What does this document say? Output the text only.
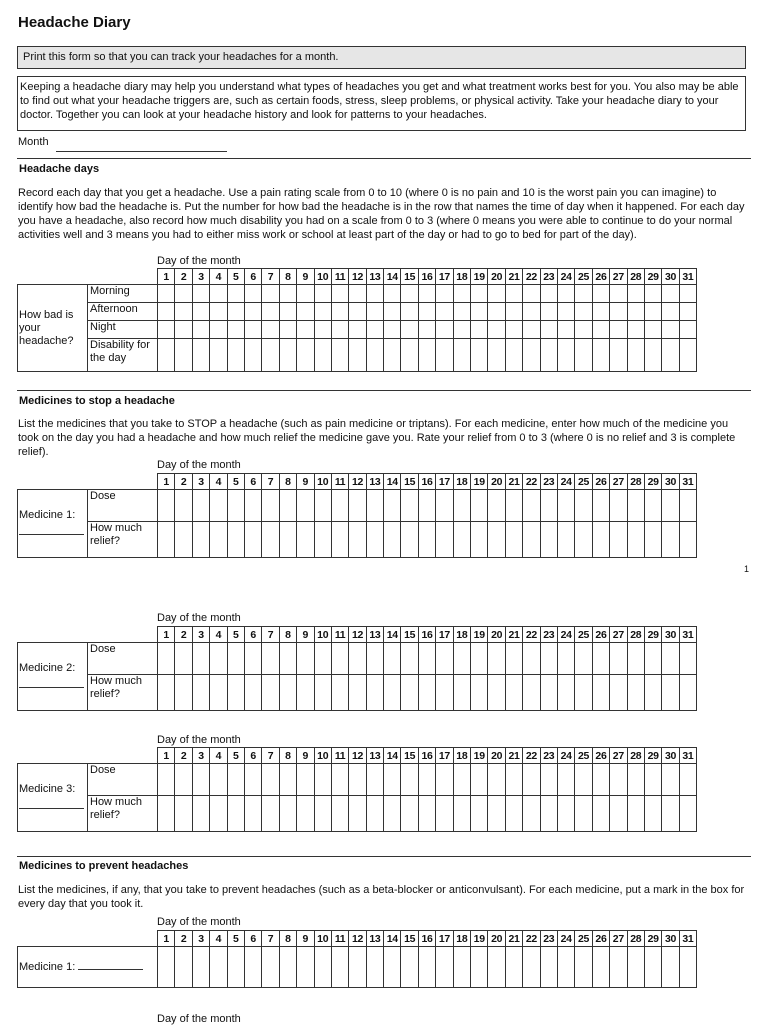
Headache Diary
Print this form so that you can track your headaches for a month.
Keeping a headache diary may help you understand what types of headaches you get and what treatment works best for you. You also may be able to find out what your headache triggers are, such as certain foods, stress, sleep problems, or physical activity. Take your headache diary to your doctor. Together you can look at your headache history and look for patterns to your headaches.
Month
Headache days
Record each day that you get a headache. Use a pain rating scale from 0 to 10 (where 0 is no pain and 10 is the worst pain you can imagine) to identify how bad the headache is. Put the number for how bad the headache is in the row that names the time of day when it happened. For each day you have a headache, also record how much disability you had on a scale from 0 to 3 (where 0 means you were able to continue to do your normal activities well and 3 means you had to either miss work or school at least part of the day or had to go to bed for part of the day).
Day of the month
		1	2	3	4	5	6	7	8	9	10	11	12	13	14	15	16	17	18	19	20	21	22	23	24	25	26	27	28	29	30	31
How bad is your headache?	Morning																															
	Afternoon																															
	Night																															
	Disability for the day																															
Medicines to stop a headache
List the medicines that you take to STOP a headache (such as pain medicine or triptans). For each medicine, enter how much of the medicine you took on the day you had a headache and how much relief the medicine gave you. Rate your relief from 0 to 3 (where 0 is no relief and 3 is complete relief).
Day of the month
		1	2	3	4	5	6	7	8	9	10	11	12	13	14	15	16	17	18	19	20	21	22	23	24	25	26	27	28	29	30	31

Medicine 1:	Dose																															
	How much relief?																															
1
Day of the month
		1	2	3	4	5	6	7	8	9	10	11	12	13	14	15	16	17	18	19	20	21	22	23	24	25	26	27	28	29	30	31

Medicine 2:	Dose																															
	How much relief?																															
Day of the month
		1	2	3	4	5	6	7	8	9	10	11	12	13	14	15	16	17	18	19	20	21	22	23	24	25	26	27	28	29	30	31

Medicine 3:	Dose																															
	How much relief?																															
Medicines to prevent headaches
List the medicines, if any, that you take to prevent headaches (such as a beta-blocker or anticonvulsant). For each medicine, put a mark in the box for every day that you took it.
Day of the month
	1	2	3	4	5	6	7	8	9	10	11	12	13	14	15	16	17	18	19	20	21	22	23	24	25	26	27	28	29	30	31
Medicine 1:																															
Day of the month
